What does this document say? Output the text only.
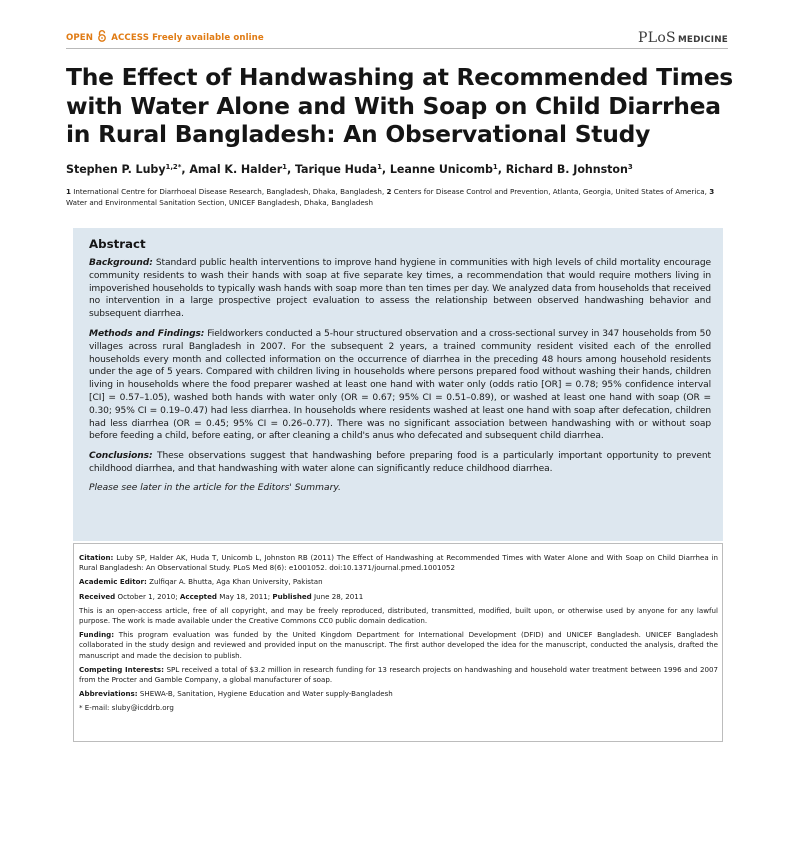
OPEN ACCESS Freely available online	PLoS MEDICINE
The Effect of Handwashing at Recommended Times with Water Alone and With Soap on Child Diarrhea in Rural Bangladesh: An Observational Study
Stephen P. Luby$^{1,2*}$, Amal K. Halder$^1$, Tarique Huda$^1$, Leanne Unicomb$^1$, Richard B. Johnston$^3$
1 International Centre for Diarrhoeal Disease Research, Bangladesh, Dhaka, Bangladesh, 2 Centers for Disease Control and Prevention, Atlanta, Georgia, United States of America, 3 Water and Environmental Sanitation Section, UNICEF Bangladesh, Dhaka, Bangladesh
Abstract

Background: Standard public health interventions to improve hand hygiene in communities with high levels of child mortality encourage community residents to wash their hands with soap at five separate key times, a recommendation that would require mothers living in impoverished households to typically wash hands with soap more than ten times per day. We analyzed data from households that received no intervention in a large prospective project evaluation to assess the relationship between observed handwashing behavior and subsequent diarrhea.

Methods and Findings: Fieldworkers conducted a 5-hour structured observation and a cross-sectional survey in 347 households from 50 villages across rural Bangladesh in 2007. For the subsequent 2 years, a trained community resident visited each of the enrolled households every month and collected information on the occurrence of diarrhea in the preceding 48 hours among household residents under the age of 5 years. Compared with children living in households where persons prepared food without washing their hands, children living in households where the food preparer washed at least one hand with water only (odds ratio [OR] = 0.78; 95% confidence interval [CI] = 0.57–1.05), washed both hands with water only (OR = 0.67; 95% CI = 0.51–0.89), or washed at least one hand with soap (OR = 0.30; 95% CI = 0.19–0.47) had less diarrhea. In households where residents washed at least one hand with soap after defecation, children had less diarrhea (OR = 0.45; 95% CI = 0.26–0.77). There was no significant association between handwashing with or without soap before feeding a child, before eating, or after cleaning a child's anus who defecated and subsequent child diarrhea.

Conclusions: These observations suggest that handwashing before preparing food is a particularly important opportunity to prevent childhood diarrhea, and that handwashing with water alone can significantly reduce childhood diarrhea.

Please see later in the article for the Editors' Summary.

Citation: Luby SP, Halder AK, Huda T, Unicomb L, Johnston RB (2011) The Effect of Handwashing at Recommended Times with Water Alone and With Soap on Child Diarrhea in Rural Bangladesh: An Observational Study. PLoS Med 8(6): e1001052. doi:10.1371/journal.pmed.1001052

Academic Editor: Zulfiqar A. Bhutta, Aga Khan University, Pakistan

Received October 1, 2010; Accepted May 18, 2011; Published June 28, 2011

This is an open-access article, free of all copyright, and may be freely reproduced, distributed, transmitted, modified, built upon, or otherwise used by anyone for any lawful purpose. The work is made available under the Creative Commons CC0 public domain dedication.

Funding: This program evaluation was funded by the United Kingdom Department for International Development (DFID) and UNICEF Bangladesh. UNICEF Bangladesh collaborated in the study design and reviewed and provided input on the manuscript. The first author developed the idea for the manuscript, conducted the analysis, drafted the manuscript and made the decision to publish.

Competing Interests: SPL received a total of $3.2 million in research funding for 13 research projects on handwashing and household water treatment between 1996 and 2007 from the Procter and Gamble Company, a global manufacturer of soap.

Abbreviations: SHEWA-B, Sanitation, Hygiene Education and Water supply-Bangladesh

* E-mail: sluby@icddrb.org
